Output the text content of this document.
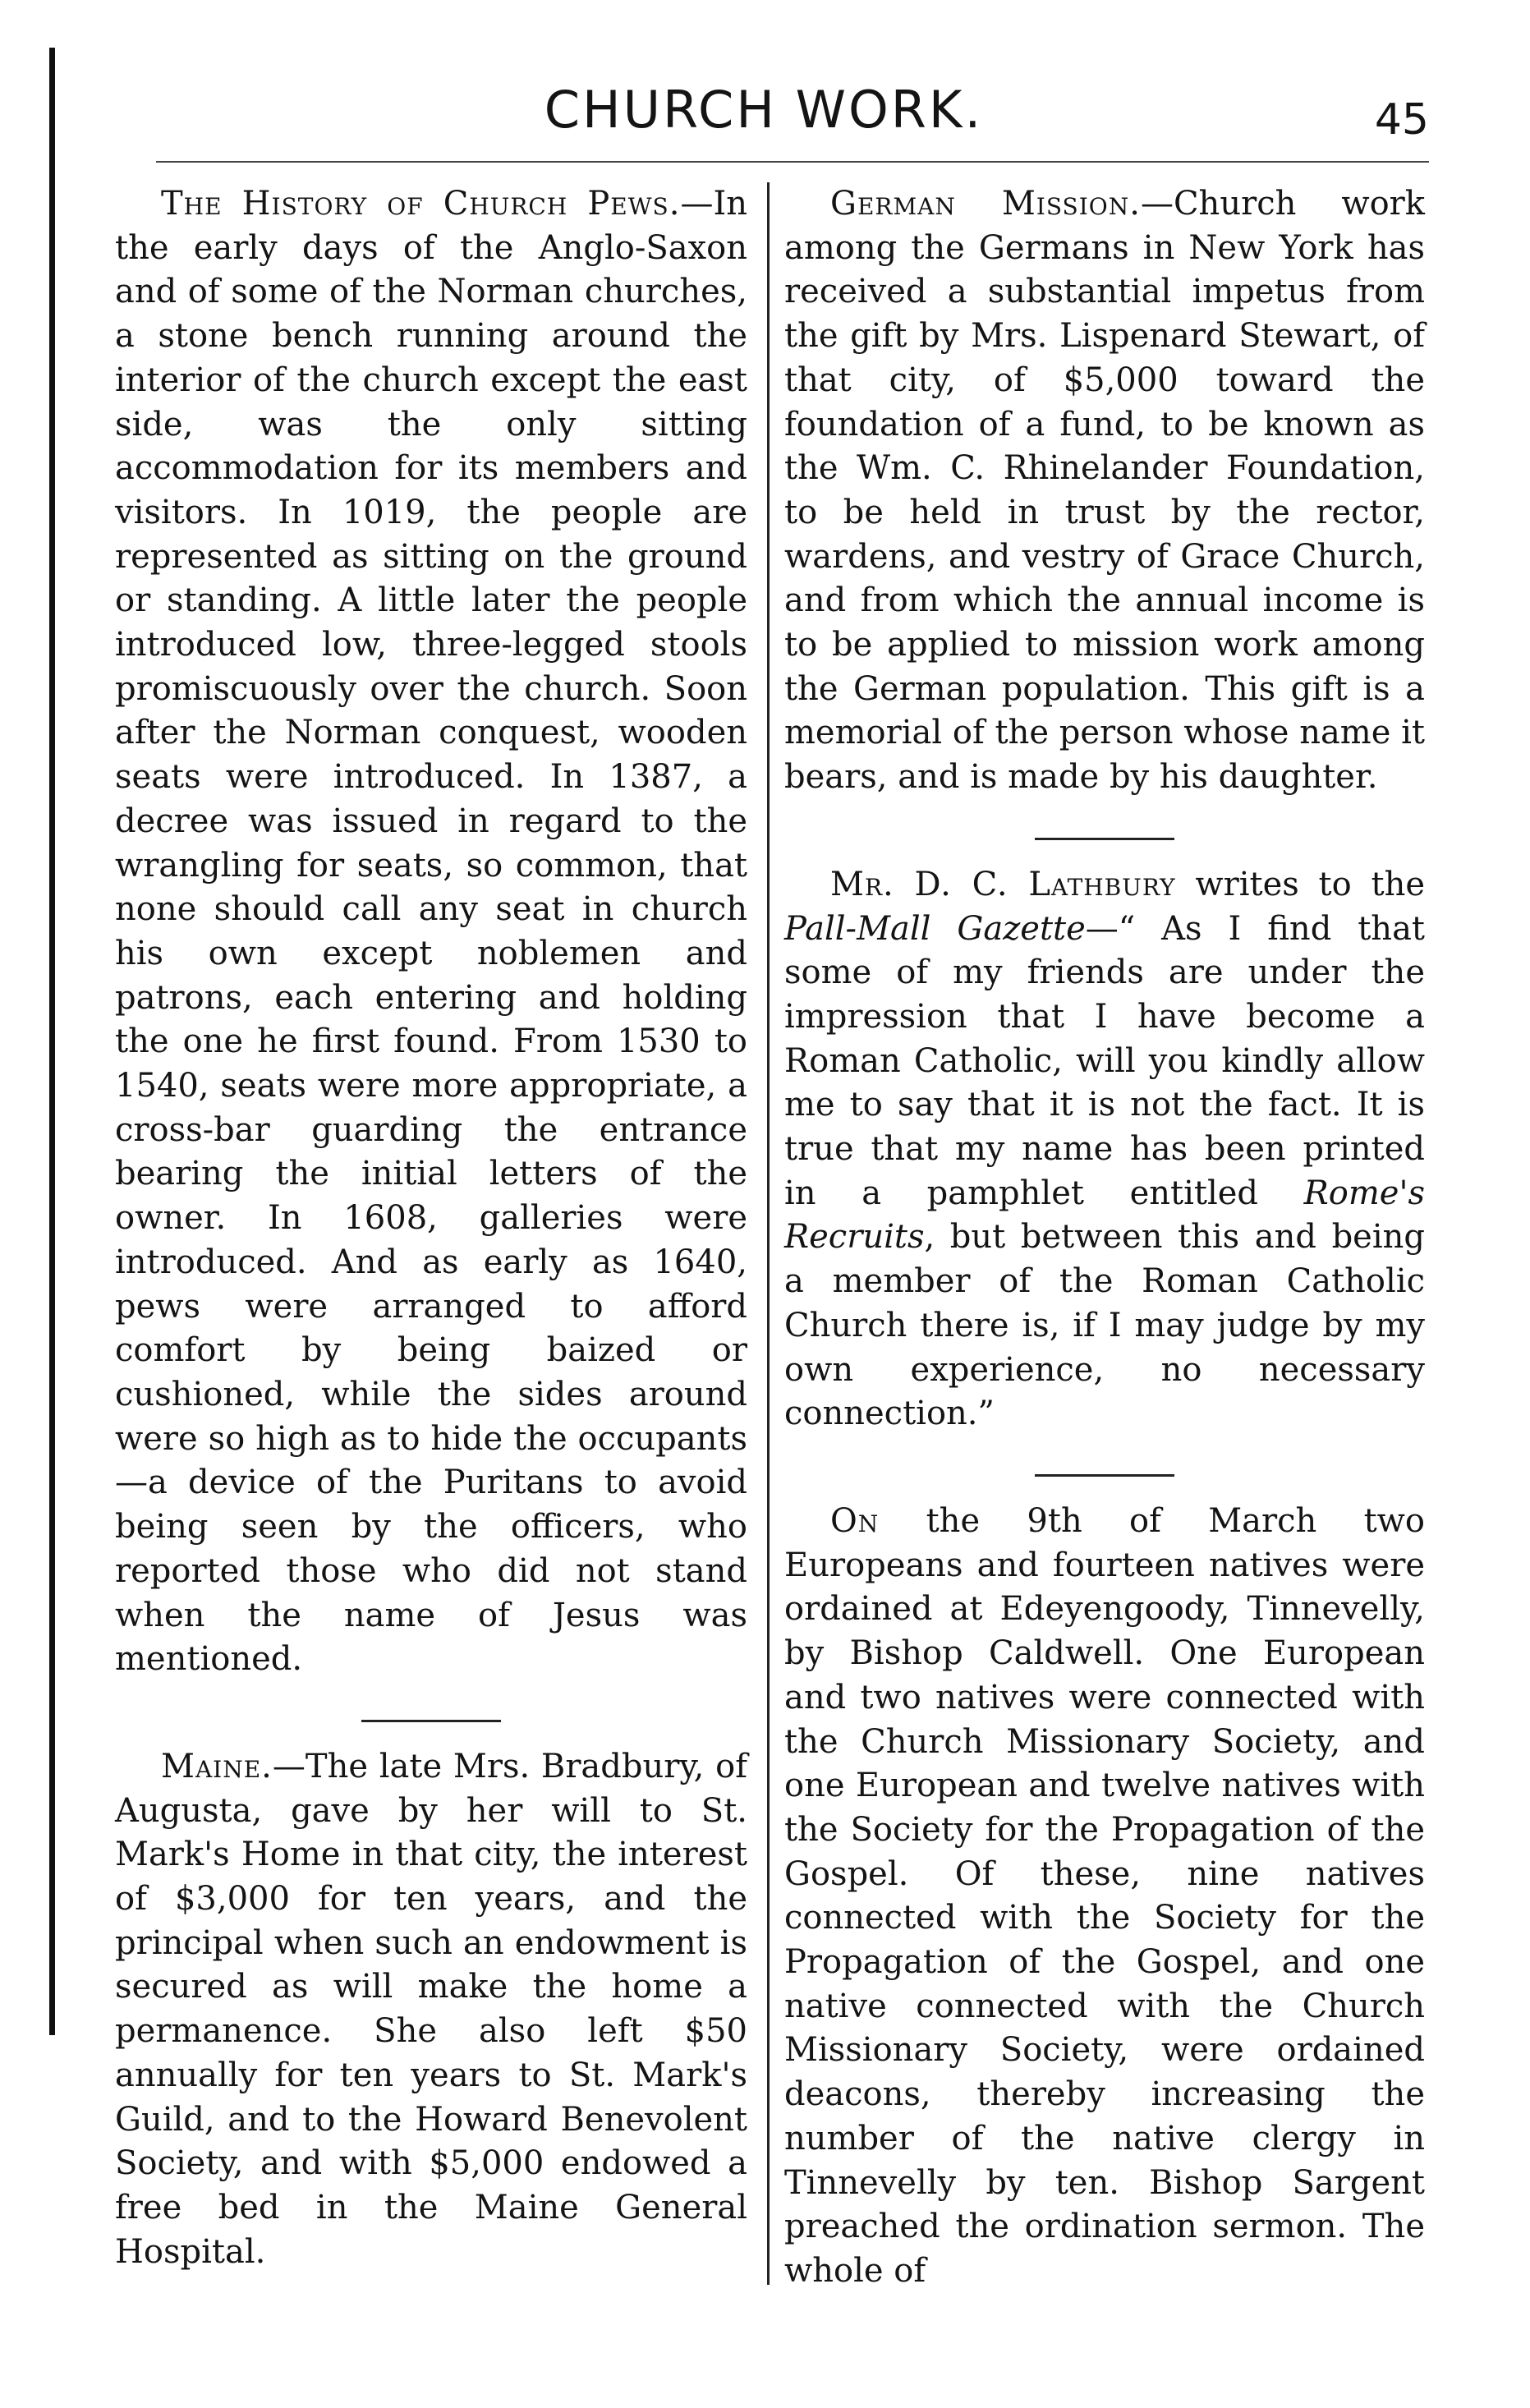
CHURCH WORK.	45

The History of Church Pews.—In the early days of the Anglo-Saxon and of some of the Norman churches, a stone bench running around the interior of the church except the east side, was the only sitting accommodation for its members and visitors. In 1019, the people are represented as sitting on the ground or standing. A little later the people introduced low, three-legged stools promiscuously over the church. Soon after the Norman conquest, wooden seats were introduced. In 1387, a decree was issued in regard to the wrangling for seats, so common, that none should call any seat in church his own except noblemen and patrons, each entering and holding the one he first found. From 1530 to 1540, seats were more appropriate, a cross-bar guarding the entrance bearing the initial letters of the owner. In 1608, galleries were introduced. And as early as 1640, pews were arranged to afford comfort by being baized or cushioned, while the sides around were so high as to hide the occupants—a device of the Puritans to avoid being seen by the officers, who reported those who did not stand when the name of Jesus was mentioned.

Maine.—The late Mrs. Bradbury, of Augusta, gave by her will to St. Mark's Home in that city, the interest of $3,000 for ten years, and the principal when such an endowment is secured as will make the home a permanence. She also left $50 annually for ten years to St. Mark's Guild, and to the Howard Benevolent Society, and with $5,000 endowed a free bed in the Maine General Hospital.

German Mission.—Church work among the Germans in New York has received a substantial impetus from the gift by Mrs. Lispenard Stewart, of that city, of $5,000 toward the foundation of a fund, to be known as the Wm. C. Rhinelander Foundation, to be held in trust by the rector, wardens, and vestry of Grace Church, and from which the annual income is to be applied to mission work among the German population. This gift is a memorial of the person whose name it bears, and is made by his daughter.

Mr. D. C. Lathbury writes to the Pall-Mall Gazette—“ As I find that some of my friends are under the impression that I have become a Roman Catholic, will you kindly allow me to say that it is not the fact. It is true that my name has been printed in a pamphlet entitled Rome's Recruits, but between this and being a member of the Roman Catholic Church there is, if I may judge by my own experience, no necessary connection.”

On the 9th of March two Europeans and fourteen natives were ordained at Edeyengoody, Tinnevelly, by Bishop Caldwell. One European and two natives were connected with the Church Missionary Society, and one European and twelve natives with the Society for the Propagation of the Gospel. Of these, nine natives connected with the Society for the Propagation of the Gospel, and one native connected with the Church Missionary Society, were ordained deacons, thereby increasing the number of the native clergy in Tinnevelly by ten. Bishop Sargent preached the ordination sermon. The whole of
